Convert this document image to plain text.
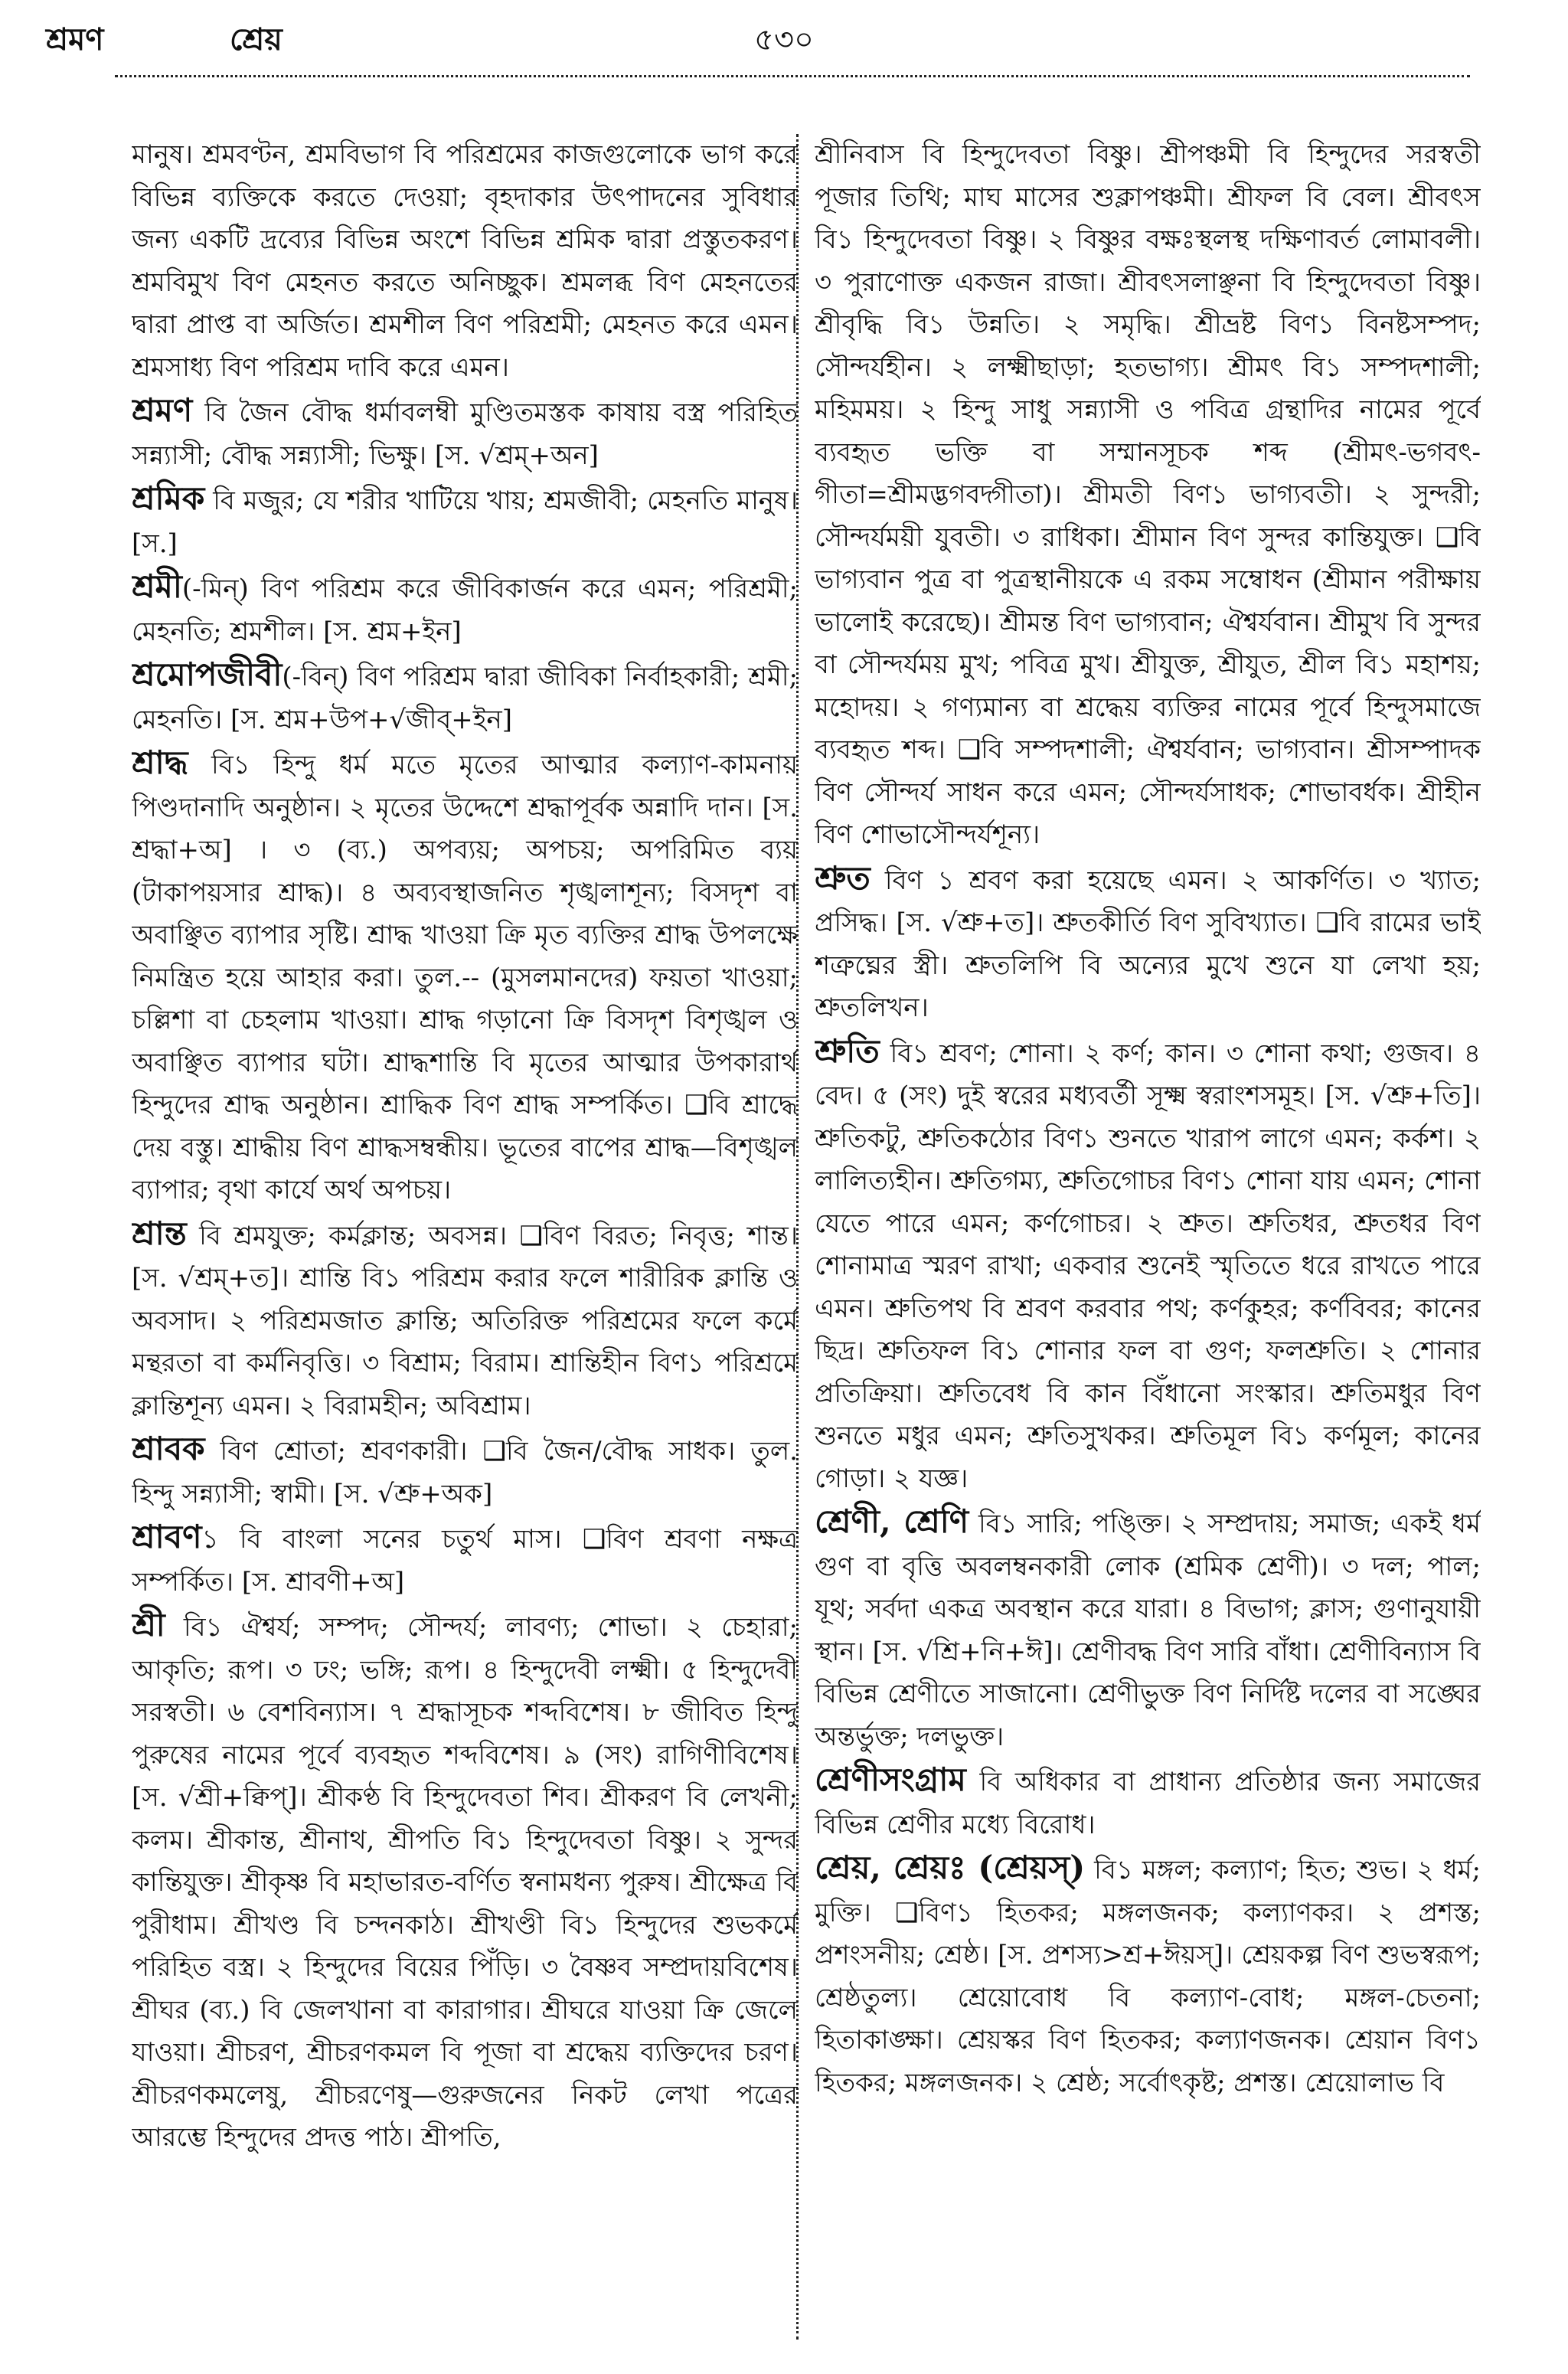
শ্রমণ	শ্রেয়	৫৩০

মানুষ। শ্রমবণ্টন, শ্রমবিভাগ বি পরিশ্রমের কাজগুলোকে ভাগ করে বিভিন্ন ব্যক্তিকে করতে দেওয়া; বৃহদাকার উৎপাদনের সুবিধার জন্য একটি দ্রব্যের বিভিন্ন অংশে বিভিন্ন শ্রমিক দ্বারা প্রস্তুতকরণ। শ্রমবিমুখ বিণ মেহনত করতে অনিচ্ছুক। শ্রমলব্ধ বিণ মেহনতের দ্বারা প্রাপ্ত বা অর্জিত। শ্রমশীল বিণ পরিশ্রমী; মেহনত করে এমন। শ্রমসাধ্য বিণ পরিশ্রম দাবি করে এমন।

শ্রমণ বি জৈন বৌদ্ধ ধর্মাবলম্বী মুণ্ডিতমস্তক কাষায় বস্ত্র পরিহিত সন্ন্যাসী; বৌদ্ধ সন্ন্যাসী; ভিক্ষু। [স. √শ্রম্+অন]

শ্রমিক বি মজুর; যে শরীর খাটিয়ে খায়; শ্রমজীবী; মেহনতি মানুষ। [স.]

শ্রমী(-মিন্) বিণ পরিশ্রম করে জীবিকার্জন করে এমন; পরিশ্রমী; মেহনতি; শ্রমশীল। [স. শ্রম+ইন]

শ্রমোপজীবী(-বিন্) বিণ পরিশ্রম দ্বারা জীবিকা নির্বাহকারী; শ্রমী; মেহনতি। [স. শ্রম+উপ+√জীব্+ইন]

শ্রাদ্ধ বি১ হিন্দু ধর্ম মতে মৃতের আত্মার কল্যাণ-কামনায় পিণ্ডদানাদি অনুষ্ঠান। ২ মৃতের উদ্দেশে শ্রদ্ধাপূর্বক অন্নাদি দান। [স. শ্রদ্ধা+অ] । ৩ (ব্য.) অপব্যয়; অপচয়; অপরিমিত ব্যয় (টাকাপয়সার শ্রাদ্ধ)। ৪ অব্যবস্থাজনিত শৃঙ্খলাশূন্য; বিসদৃশ বা অবাঞ্ছিত ব্যাপার সৃষ্টি। শ্রাদ্ধ খাওয়া ক্রি মৃত ব্যক্তির শ্রাদ্ধ উপলক্ষে নিমন্ত্রিত হয়ে আহার করা। তুল.-- (মুসলমানদের) ফয়তা খাওয়া; চল্লিশা বা চেহলাম খাওয়া। শ্রাদ্ধ গড়ানো ক্রি বিসদৃশ বিশৃঙ্খল ও অবাঞ্ছিত ব্যাপার ঘটা। শ্রাদ্ধশান্তি বি মৃতের আত্মার উপকারার্থ হিন্দুদের শ্রাদ্ধ অনুষ্ঠান। শ্রাদ্ধিক বিণ শ্রাদ্ধ সম্পর্কিত। ❑বি শ্রাদ্ধে দেয় বস্তু। শ্রাদ্ধীয় বিণ শ্রাদ্ধসম্বন্ধীয়। ভূতের বাপের শ্রাদ্ধ—বিশৃঙ্খল ব্যাপার; বৃথা কার্যে অর্থ অপচয়।

শ্রান্ত বি শ্রমযুক্ত; কর্মক্লান্ত; অবসন্ন। ❑বিণ বিরত; নিবৃত্ত; শান্ত। [স. √শ্রম্+ত]। শ্রান্তি বি১ পরিশ্রম করার ফলে শারীরিক ক্লান্তি ও অবসাদ। ২ পরিশ্রমজাত ক্লান্তি; অতিরিক্ত পরিশ্রমের ফলে কর্মে মন্থরতা বা কর্মনিবৃত্তি। ৩ বিশ্রাম; বিরাম। শ্রান্তিহীন বিণ১ পরিশ্রমে ক্লান্তিশূন্য এমন। ২ বিরামহীন; অবিশ্রাম।

শ্রাবক বিণ শ্রোতা; শ্রবণকারী। ❑বি জৈন/বৌদ্ধ সাধক। তুল. হিন্দু সন্ন্যাসী; স্বামী। [স. √শ্রু+অক]

শ্রাবণ১ বি বাংলা সনের চতুর্থ মাস। ❑বিণ শ্রবণা নক্ষত্র সম্পর্কিত। [স. শ্রাবণী+অ]

শ্রী বি১ ঐশ্বর্য; সম্পদ; সৌন্দর্য; লাবণ্য; শোভা। ২ চেহারা; আকৃতি; রূপ। ৩ ঢং; ভঙ্গি; রূপ। ৪ হিন্দুদেবী লক্ষ্মী। ৫ হিন্দুদেবী সরস্বতী। ৬ বেশবিন্যাস। ৭ শ্রদ্ধাসূচক শব্দবিশেষ। ৮ জীবিত হিন্দু পুরুষের নামের পূর্বে ব্যবহৃত শব্দবিশেষ। ৯ (সং) রাগিণীবিশেষ। [স. √শ্রী+ক্বিপ্]। শ্রীকণ্ঠ বি হিন্দুদেবতা শিব। শ্রীকরণ বি লেখনী; কলম। শ্রীকান্ত, শ্রীনাথ, শ্রীপতি বি১ হিন্দুদেবতা বিষ্ণু। ২ সুন্দর কান্তিযুক্ত। শ্রীকৃষ্ণ বি মহাভারত-বর্ণিত স্বনামধন্য পুরুষ। শ্রীক্ষেত্র বি পুরীধাম। শ্রীখণ্ড বি চন্দনকাঠ। শ্রীখণ্ডী বি১ হিন্দুদের শুভকর্মে পরিহিত বস্ত্র। ২ হিন্দুদের বিয়ের পিঁড়ি। ৩ বৈষ্ণব সম্প্রদায়বিশেষ। শ্রীঘর (ব্য.) বি জেলখানা বা কারাগার। শ্রীঘরে যাওয়া ক্রি জেলে যাওয়া। শ্রীচরণ, শ্রীচরণকমল বি পূজা বা শ্রদ্ধেয় ব্যক্তিদের চরণ। শ্রীচরণকমলেষু, শ্রীচরণেষু—গুরুজনের নিকট লেখা পত্রের আরম্ভে হিন্দুদের প্রদত্ত পাঠ। শ্রীপতি,

শ্রীনিবাস বি হিন্দুদেবতা বিষ্ণু। শ্রীপঞ্চমী বি হিন্দুদের সরস্বতী পূজার তিথি; মাঘ মাসের শুক্লাপঞ্চমী। শ্রীফল বি বেল। শ্রীবৎস বি১ হিন্দুদেবতা বিষ্ণু। ২ বিষ্ণুর বক্ষঃস্থলস্থ দক্ষিণাবর্ত লোমাবলী। ৩ পুরাণোক্ত একজন রাজা। শ্রীবৎসলাঞ্ছনা বি হিন্দুদেবতা বিষ্ণু। শ্রীবৃদ্ধি বি১ উন্নতি। ২ সমৃদ্ধি। শ্রীভ্রষ্ট বিণ১ বিনষ্টসম্পদ; সৌন্দর্যহীন। ২ লক্ষ্মীছাড়া; হতভাগ্য। শ্রীমৎ বি১ সম্পদশালী; মহিমময়। ২ হিন্দু সাধু সন্ন্যাসী ও পবিত্র গ্রন্থাদির নামের পূর্বে ব্যবহৃত ভক্তি বা সম্মানসূচক শব্দ (শ্রীমৎ-ভগবৎ-গীতা=শ্রীমদ্ভগবদ্গীতা)। শ্রীমতী বিণ১ ভাগ্যবতী। ২ সুন্দরী; সৌন্দর্যময়ী যুবতী। ৩ রাধিকা। শ্রীমান বিণ সুন্দর কান্তিযুক্ত। ❑বি ভাগ্যবান পুত্র বা পুত্রস্থানীয়কে এ রকম সম্বোধন (শ্রীমান পরীক্ষায় ভালোই করেছে)। শ্রীমন্ত বিণ ভাগ্যবান; ঐশ্বর্যবান। শ্রীমুখ বি সুন্দর বা সৌন্দর্যময় মুখ; পবিত্র মুখ। শ্রীযুক্ত, শ্রীযুত, শ্রীল বি১ মহাশয়; মহোদয়। ২ গণ্যমান্য বা শ্রদ্ধেয় ব্যক্তির নামের পূর্বে হিন্দুসমাজে ব্যবহৃত শব্দ। ❑বি সম্পদশালী; ঐশ্বর্যবান; ভাগ্যবান। শ্রীসম্পাদক বিণ সৌন্দর্য সাধন করে এমন; সৌন্দর্যসাধক; শোভাবর্ধক। শ্রীহীন বিণ শোভাসৌন্দর্যশূন্য।

শ্রুত বিণ ১ শ্রবণ করা হয়েছে এমন। ২ আকর্ণিত। ৩ খ্যাত; প্রসিদ্ধ। [স. √শ্রু+ত]। শ্রুতকীর্তি বিণ সুবিখ্যাত। ❑বি রামের ভাই শত্রুঘ্নের স্ত্রী। শ্রুতলিপি বি অন্যের মুখে শুনে যা লেখা হয়; শ্রুতলিখন।

শ্রুতি বি১ শ্রবণ; শোনা। ২ কর্ণ; কান। ৩ শোনা কথা; গুজব। ৪ বেদ। ৫ (সং) দুই স্বরের মধ্যবর্তী সূক্ষ্ম স্বরাংশসমূহ। [স. √শ্রু+তি]। শ্রুতিকটু, শ্রুতিকঠোর বিণ১ শুনতে খারাপ লাগে এমন; কর্কশ। ২ লালিত্যহীন। শ্রুতিগম্য, শ্রুতিগোচর বিণ১ শোনা যায় এমন; শোনা যেতে পারে এমন; কর্ণগোচর। ২ শ্রুত। শ্রুতিধর, শ্রুতধর বিণ শোনামাত্র স্মরণ রাখা; একবার শুনেই স্মৃতিতে ধরে রাখতে পারে এমন। শ্রুতিপথ বি শ্রবণ করবার পথ; কর্ণকুহর; কর্ণবিবর; কানের ছিদ্র। শ্রুতিফল বি১ শোনার ফল বা গুণ; ফলশ্রুতি। ২ শোনার প্রতিক্রিয়া। শ্রুতিবেধ বি কান বিঁধানো সংস্কার। শ্রুতিমধুর বিণ শুনতে মধুর এমন; শ্রুতিসুখকর। শ্রুতিমূল বি১ কর্ণমূল; কানের গোড়া। ২ যজ্ঞ।

শ্রেণী, শ্রেণি বি১ সারি; পঙ্ক্তি। ২ সম্প্রদায়; সমাজ; একই ধর্ম গুণ বা বৃত্তি অবলম্বনকারী লোক (শ্রমিক শ্রেণী)। ৩ দল; পাল; যূথ; সর্বদা একত্র অবস্থান করে যারা। ৪ বিভাগ; ক্লাস; গুণানুযায়ী স্থান। [স. √শ্রি+নি+ঈ]। শ্রেণীবদ্ধ বিণ সারি বাঁধা। শ্রেণীবিন্যাস বি বিভিন্ন শ্রেণীতে সাজানো। শ্রেণীভুক্ত বিণ নির্দিষ্ট দলের বা সঙ্ঘের অন্তর্ভুক্ত; দলভুক্ত।

শ্রেণীসংগ্রাম বি অধিকার বা প্রাধান্য প্রতিষ্ঠার জন্য সমাজের বিভিন্ন শ্রেণীর মধ্যে বিরোধ।

শ্রেয়, শ্রেয়ঃ (শ্রেয়স্) বি১ মঙ্গল; কল্যাণ; হিত; শুভ। ২ ধর্ম; মুক্তি। ❑বিণ১ হিতকর; মঙ্গলজনক; কল্যাণকর। ২ প্রশস্ত; প্রশংসনীয়; শ্রেষ্ঠ। [স. প্রশস্য>শ্র+ঈয়স্]। শ্রেয়কল্প বিণ শুভস্বরূপ; শ্রেষ্ঠতুল্য। শ্রেয়োবোধ বি কল্যাণ-বোধ; মঙ্গল-চেতনা; হিতাকাঙ্ক্ষা। শ্রেয়স্কর বিণ হিতকর; কল্যাণজনক। শ্রেয়ান বিণ১ হিতকর; মঙ্গলজনক। ২ শ্রেষ্ঠ; সর্বোৎকৃষ্ট; প্রশস্ত। শ্রেয়োলাভ বি
